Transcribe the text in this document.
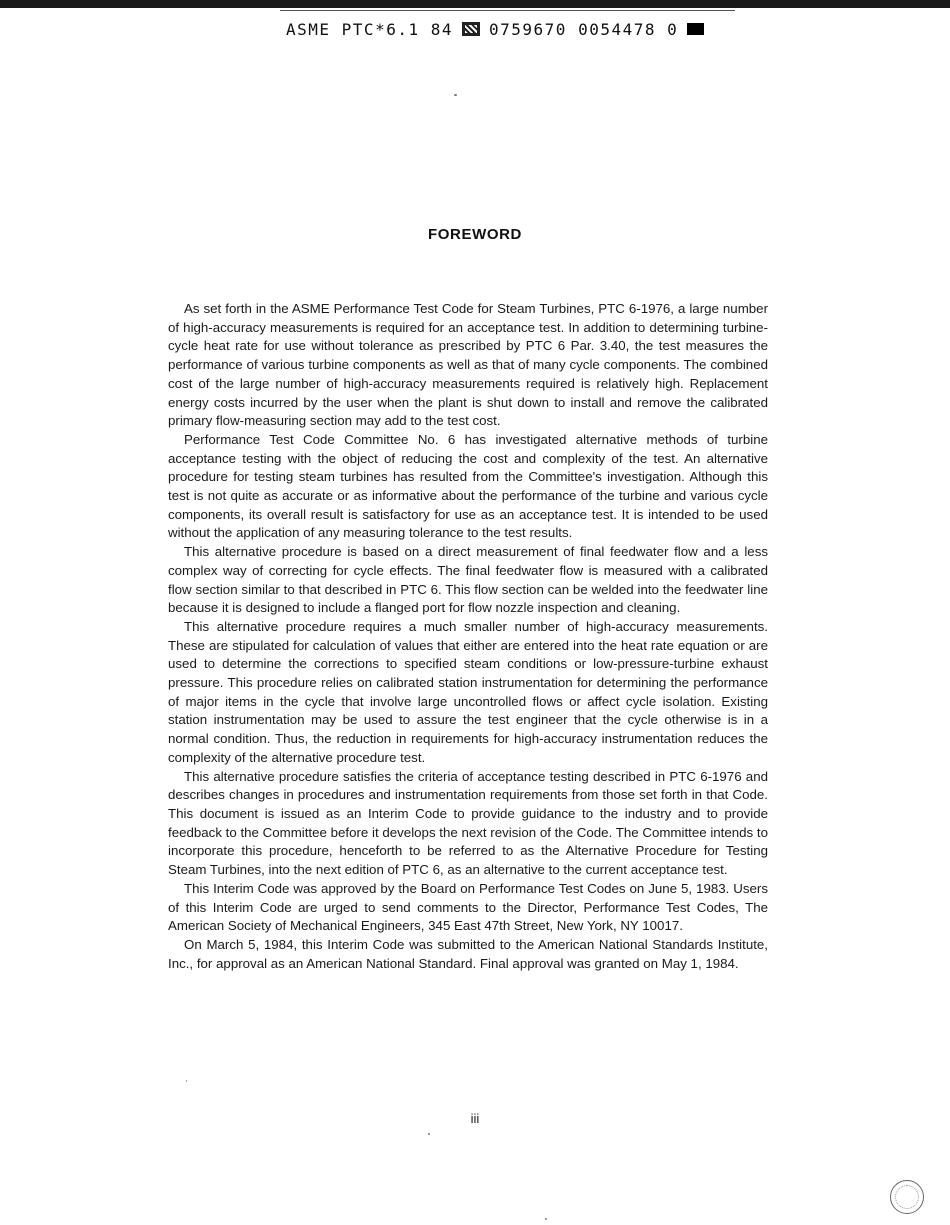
ASME PTC*6.1 84 0759670 0054478 0
FOREWORD

As set forth in the ASME Performance Test Code for Steam Turbines, PTC 6-1976, a large number of high-accuracy measurements is required for an acceptance test. In addition to determining turbine-cycle heat rate for use without tolerance as prescribed by PTC 6 Par. 3.40, the test measures the performance of various turbine components as well as that of many cycle components. The combined cost of the large number of high-accuracy measurements required is relatively high. Replacement energy costs incurred by the user when the plant is shut down to install and remove the calibrated primary flow-measuring section may add to the test cost.

Performance Test Code Committee No. 6 has investigated alternative methods of turbine acceptance testing with the object of reducing the cost and complexity of the test. An alternative procedure for testing steam turbines has resulted from the Committee's investigation. Although this test is not quite as accurate or as informative about the performance of the turbine and various cycle components, its overall result is satisfactory for use as an acceptance test. It is intended to be used without the application of any measuring tolerance to the test results.

This alternative procedure is based on a direct measurement of final feedwater flow and a less complex way of correcting for cycle effects. The final feedwater flow is measured with a calibrated flow section similar to that described in PTC 6. This flow section can be welded into the feedwater line because it is designed to include a flanged port for flow nozzle inspection and cleaning.

This alternative procedure requires a much smaller number of high-accuracy measurements. These are stipulated for calculation of values that either are entered into the heat rate equation or are used to determine the corrections to specified steam conditions or low-pressure-turbine exhaust pressure. This procedure relies on calibrated station instrumentation for determining the performance of major items in the cycle that involve large uncontrolled flows or affect cycle isolation. Existing station instrumentation may be used to assure the test engineer that the cycle otherwise is in a normal condition. Thus, the reduction in requirements for high-accuracy instrumentation reduces the complexity of the alternative procedure test.

This alternative procedure satisfies the criteria of acceptance testing described in PTC 6-1976 and describes changes in procedures and instrumentation requirements from those set forth in that Code. This document is issued as an Interim Code to provide guidance to the industry and to provide feedback to the Committee before it develops the next revision of the Code. The Committee intends to incorporate this procedure, henceforth to be referred to as the Alternative Procedure for Testing Steam Turbines, into the next edition of PTC 6, as an alternative to the current acceptance test.

This Interim Code was approved by the Board on Performance Test Codes on June 5, 1983. Users of this Interim Code are urged to send comments to the Director, Performance Test Codes, The American Society of Mechanical Engineers, 345 East 47th Street, New York, NY 10017.

On March 5, 1984, this Interim Code was submitted to the American National Standards Institute, Inc., for approval as an American National Standard. Final approval was granted on May 1, 1984.

iii
